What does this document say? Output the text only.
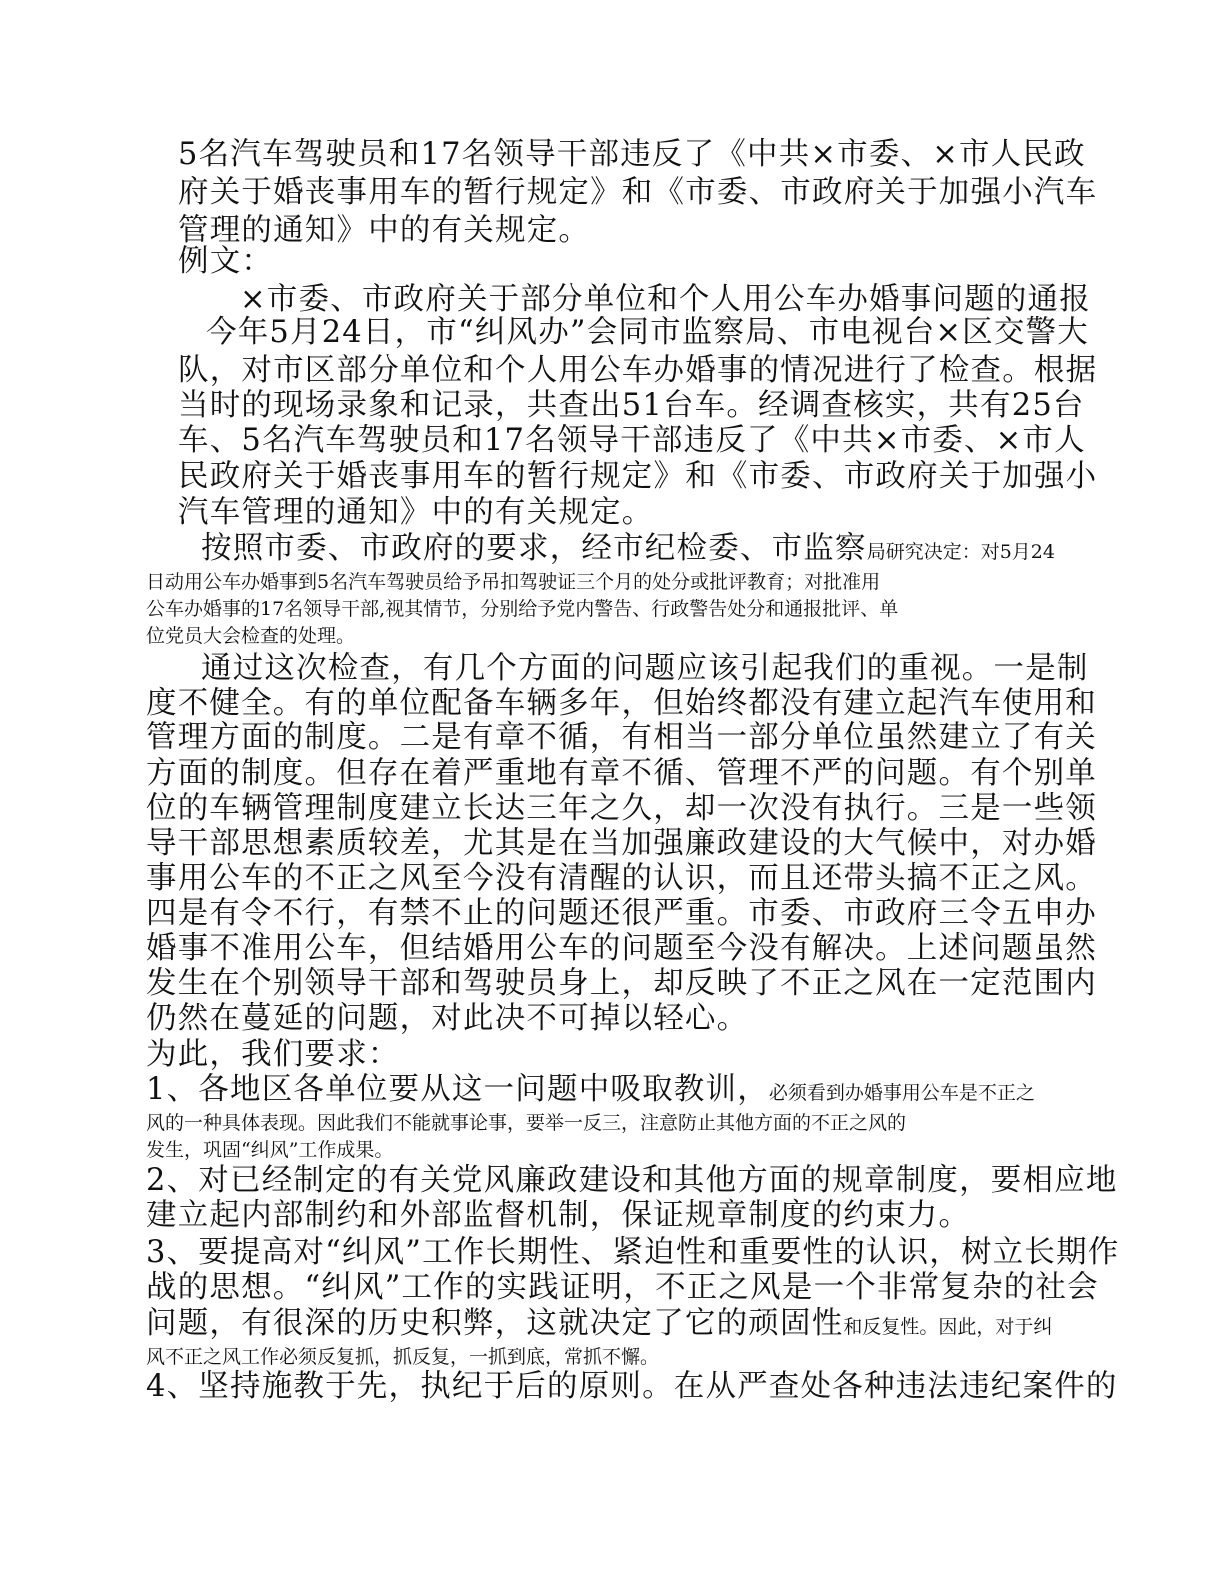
5名汽车驾驶员和17名领导干部违反了《中共×市委、×市人民政

府关于婚丧事用车的暂行规定》和《市委、市政府关于加强小汽车

管理的通知》中的有关规定。

例文：

×市委、市政府关于部分单位和个人用公车办婚事问题的通报

今年5月24日，市“纠风办”会同市监察局、市电视台×区交警大

队，对市区部分单位和个人用公车办婚事的情况进行了检查。根据

当时的现场录象和记录，共查出51台车。经调查核实，共有25台

车、5名汽车驾驶员和17名领导干部违反了《中共×市委、×市人

民政府关于婚丧事用车的暂行规定》和《市委、市政府关于加强小

汽车管理的通知》中的有关规定。

按照市委、市政府的要求，经市纪检委、市监察局研究决定：对5月24

日动用公车办婚事到5名汽车驾驶员给予吊扣驾驶证三个月的处分或批评教育；对批准用

公车办婚事的17名领导干部,视其情节，分别给予党内警告、行政警告处分和通报批评、单

位党员大会检查的处理。

通过这次检查，有几个方面的问题应该引起我们的重视。一是制

度不健全。有的单位配备车辆多年，但始终都没有建立起汽车使用和

管理方面的制度。二是有章不循，有相当一部分单位虽然建立了有关

方面的制度。但存在着严重地有章不循、管理不严的问题。有个别单

位的车辆管理制度建立长达三年之久，却一次没有执行。三是一些领

导干部思想素质较差，尤其是在当加强廉政建设的大气候中，对办婚

事用公车的不正之风至今没有清醒的认识，而且还带头搞不正之风。

四是有令不行，有禁不止的问题还很严重。市委、市政府三令五申办

婚事不准用公车，但结婚用公车的问题至今没有解决。上述问题虽然

发生在个别领导干部和驾驶员身上，却反映了不正之风在一定范围内

仍然在蔓延的问题，对此决不可掉以轻心。

为此，我们要求：

1、各地区各单位要从这一问题中吸取教训，必须看到办婚事用公车是不正之

风的一种具体表现。因此我们不能就事论事，要举一反三，注意防止其他方面的不正之风的

发生，巩固“纠风”工作成果。

2、对已经制定的有关党风廉政建设和其他方面的规章制度，要相应地

建立起内部制约和外部监督机制，保证规章制度的约束力。

3、要提高对“纠风”工作长期性、紧迫性和重要性的认识，树立长期作

战的思想。“纠风”工作的实践证明，不正之风是一个非常复杂的社会

问题，有很深的历史积弊，这就决定了它的顽固性和反复性。因此，对于纠

风不正之风工作必须反复抓，抓反复，一抓到底，常抓不懈。

4、坚持施教于先，执纪于后的原则。在从严查处各种违法违纪案件的
